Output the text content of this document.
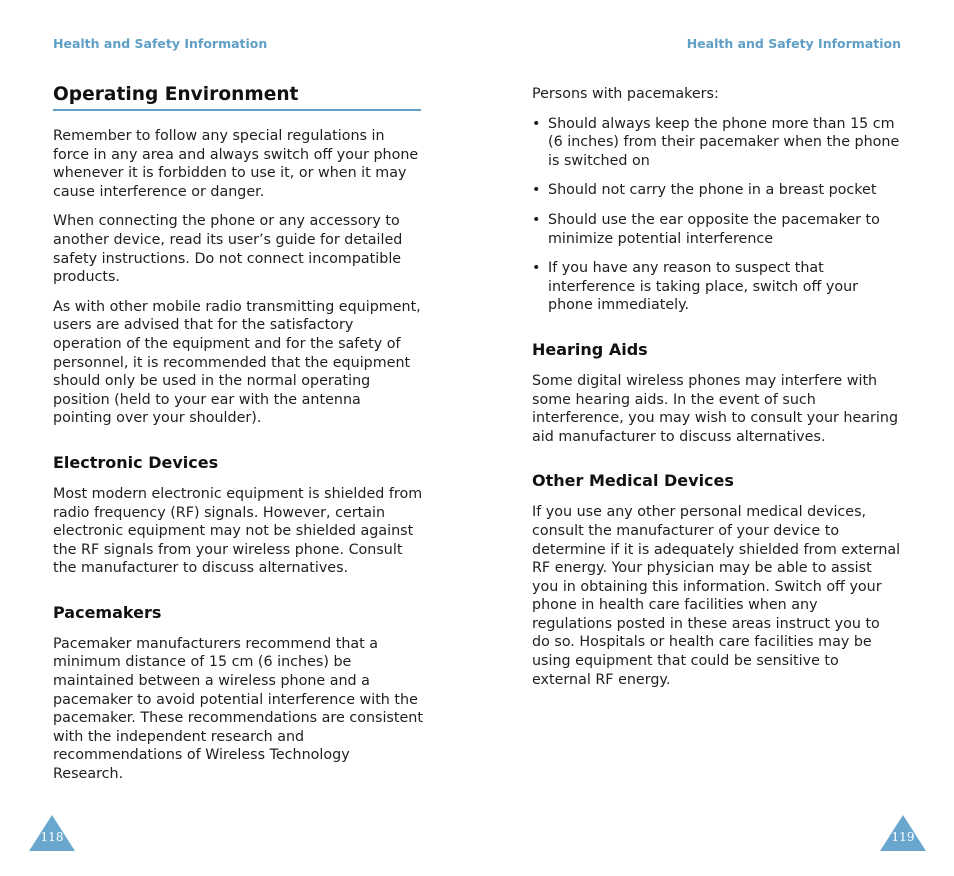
Health and Safety Information	Health and Safety Information
Operating Environment

Remember to follow any special regulations in force in any area and always switch off your phone whenever it is forbidden to use it, or when it may cause interference or danger.

When connecting the phone or any accessory to another device, read its user’s guide for detailed safety instructions. Do not connect incompatible products.

As with other mobile radio transmitting equipment, users are advised that for the satisfactory operation of the equipment and for the safety of personnel, it is recommended that the equipment should only be used in the normal operating position (held to your ear with the antenna pointing over your shoulder).

Electronic Devices

Most modern electronic equipment is shielded from radio frequency (RF) signals. However, certain electronic equipment may not be shielded against the RF signals from your wireless phone. Consult the manufacturer to discuss alternatives.

Pacemakers

Pacemaker manufacturers recommend that a minimum distance of 15 cm (6 inches) be maintained between a wireless phone and a pacemaker to avoid potential interference with the pacemaker. These recommendations are consistent with the independent research and recommendations of Wireless Technology Research.

Persons with pacemakers:

• Should always keep the phone more than 15 cm (6 inches) from their pacemaker when the phone is switched on
• Should not carry the phone in a breast pocket
• Should use the ear opposite the pacemaker to minimize potential interference
• If you have any reason to suspect that interference is taking place, switch off your phone immediately.
Hearing Aids

Some digital wireless phones may interfere with some hearing aids. In the event of such interference, you may wish to consult your hearing aid manufacturer to discuss alternatives.

Other Medical Devices

If you use any other personal medical devices, consult the manufacturer of your device to determine if it is adequately shielded from external RF energy. Your physician may be able to assist you in obtaining this information. Switch off your phone in health care facilities when any regulations posted in these areas instruct you to do so. Hospitals or health care facilities may be using equipment that could be sensitive to external RF energy.

118	119
